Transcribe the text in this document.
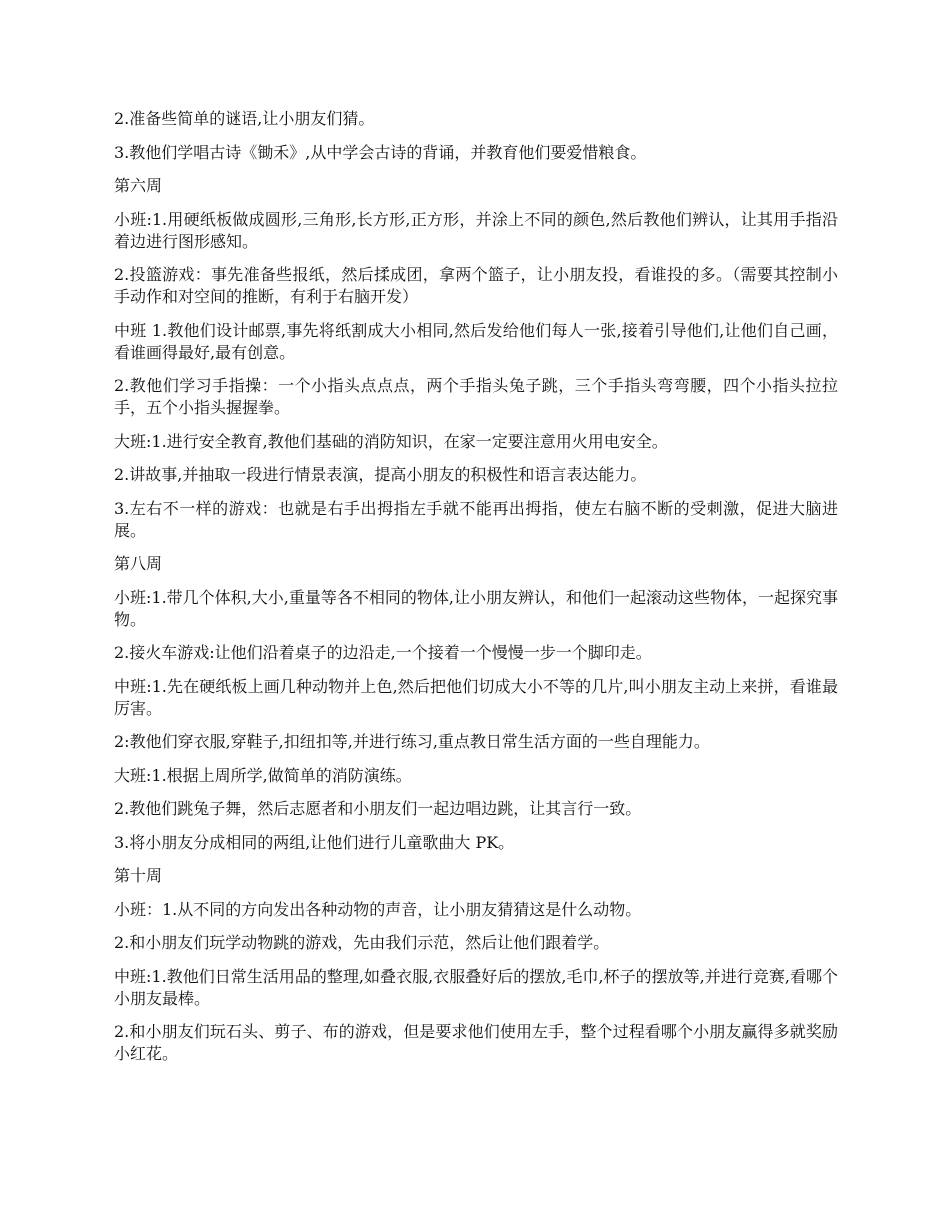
2.准备些简单的谜语,让小朋友们猜。

3.教他们学唱古诗《锄禾》,从中学会古诗的背诵，并教育他们要爱惜粮食。

第六周

小班:1.用硬纸板做成圆形,三角形,长方形,正方形，并涂上不同的颜色,然后教他们辨认，让其用手指沿着边进行图形感知。

2.投篮游戏：事先准备些报纸，然后揉成团，拿两个篮子，让小朋友投，看谁投的多。（需要其控制小手动作和对空间的推断，有利于右脑开发）

中班 1.教他们设计邮票,事先将纸割成大小相同,然后发给他们每人一张,接着引导他们,让他们自己画，看谁画得最好,最有创意。

2.教他们学习手指操：一个小指头点点点，两个手指头兔子跳，三个手指头弯弯腰，四个小指头拉拉手，五个小指头握握拳。

大班:1.进行安全教育,教他们基础的消防知识，在家一定要注意用火用电安全。

2.讲故事,并抽取一段进行情景表演，提高小朋友的积极性和语言表达能力。

3.左右不一样的游戏：也就是右手出拇指左手就不能再出拇指，使左右脑不断的受刺激，促进大脑进展。

第八周

小班:1.带几个体积,大小,重量等各不相同的物体,让小朋友辨认，和他们一起滚动这些物体，一起探究事物。

2.接火车游戏:让他们沿着桌子的边沿走,一个接着一个慢慢一步一个脚印走。

中班:1.先在硬纸板上画几种动物并上色,然后把他们切成大小不等的几片,叫小朋友主动上来拼，看谁最厉害。

2:教他们穿衣服,穿鞋子,扣纽扣等,并进行练习,重点教日常生活方面的一些自理能力。

大班:1.根据上周所学,做简单的消防演练。

2.教他们跳兔子舞，然后志愿者和小朋友们一起边唱边跳，让其言行一致。

3.将小朋友分成相同的两组,让他们进行儿童歌曲大 PK。

第十周

小班：1.从不同的方向发出各种动物的声音，让小朋友猜猜这是什么动物。

2.和小朋友们玩学动物跳的游戏，先由我们示范，然后让他们跟着学。

中班:1.教他们日常生活用品的整理,如叠衣服,衣服叠好后的摆放,毛巾,杯子的摆放等,并进行竞赛,看哪个小朋友最棒。

2.和小朋友们玩石头、剪子、布的游戏，但是要求他们使用左手，整个过程看哪个小朋友赢得多就奖励小红花。
